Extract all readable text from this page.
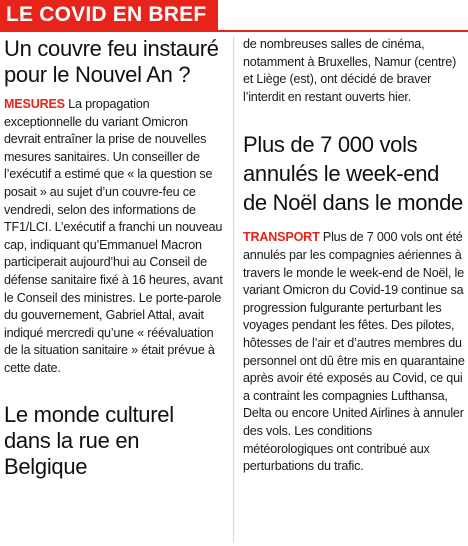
LE COVID EN BREF
Un couvre feu instauré pour le Nouvel An ?

MESURES La propagation exceptionnelle du variant Omicron devrait entraîner la prise de nouvelles mesures sanitaires. Un conseiller de l’exécutif a estimé que « la question se posait » au sujet d’un couvre-feu ce vendredi, selon des informations de TF1/LCI. L’exécutif a franchi un nouveau cap, indiquant qu’Emmanuel Macron participerait aujourd’hui au Conseil de défense sanitaire fixé à 16 heures, avant le Conseil des ministres. Le porte-parole du gouvernement, Gabriel Attal, avait indiqué mercredi qu’une « réévaluation de la situation sanitaire » était prévue à cette date.

Le monde culturel dans la rue en Belgique

de nombreuses salles de cinéma, notamment à Bruxelles, Namur (centre) et Liège (est), ont décidé de braver l’interdit en restant ouverts hier.

Plus de 7 000 vols annulés le week-end de Noël dans le monde

TRANSPORT Plus de 7 000 vols ont été annulés par les compagnies aériennes à travers le monde le week-end de Noël, le variant Omicron du Covid-19 continue sa progression fulgurante perturbant les voyages pendant les fêtes. Des pilotes, hôtesses de l’air et d’autres membres du personnel ont dû être mis en quarantaine après avoir été exposés au Covid, ce qui a contraint les compagnies Lufthansa, Delta ou encore United Airlines à annuler des vols. Les conditions météorologiques ont contribué aux perturbations du trafic.
